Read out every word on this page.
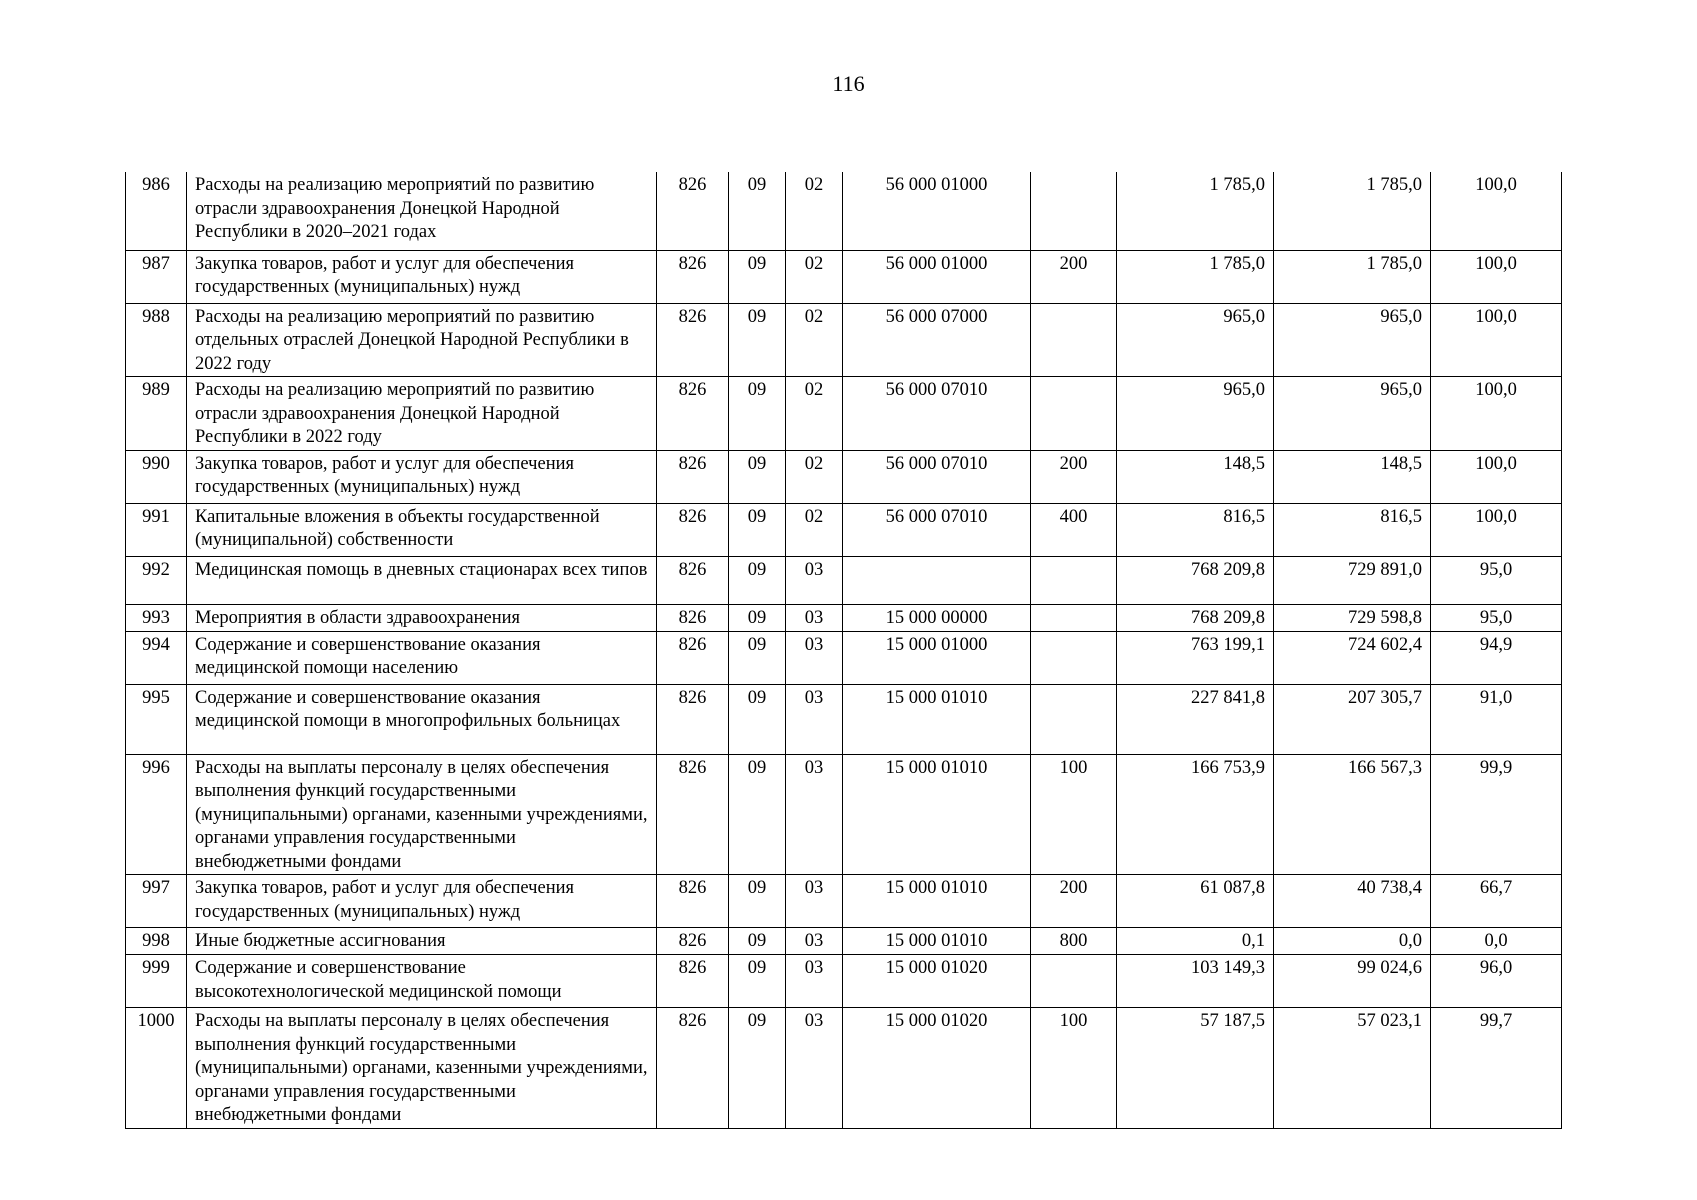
116
986	Расходы на реализацию мероприятий по развитию отрасли здравоохранения Донецкой Народной Республики в 2020–2021 годах	826	09	02	56 000 01000		1 785,0	1 785,0	100,0
987	Закупка товаров, работ и услуг для обеспечения государственных (муниципальных) нужд	826	09	02	56 000 01000	200	1 785,0	1 785,0	100,0
988	Расходы на реализацию мероприятий по развитию отдельных отраслей Донецкой Народной Республики в 2022 году	826	09	02	56 000 07000		965,0	965,0	100,0
989	Расходы на реализацию мероприятий по развитию отрасли здравоохранения Донецкой Народной Республики в 2022 году	826	09	02	56 000 07010		965,0	965,0	100,0
990	Закупка товаров, работ и услуг для обеспечения государственных (муниципальных) нужд	826	09	02	56 000 07010	200	148,5	148,5	100,0
991	Капитальные вложения в объекты государственной (муниципальной) собственности	826	09	02	56 000 07010	400	816,5	816,5	100,0
992	Медицинская помощь в дневных стационарах всех типов	826	09	03			768 209,8	729 891,0	95,0
993	Мероприятия в области здравоохранения	826	09	03	15 000 00000		768 209,8	729 598,8	95,0
994	Содержание и совершенствование оказания медицинской помощи населению	826	09	03	15 000 01000		763 199,1	724 602,4	94,9
995	Содержание и совершенствование оказания медицинской помощи в многопрофильных больницах	826	09	03	15 000 01010		227 841,8	207 305,7	91,0
996	Расходы на выплаты персоналу в целях обеспечения выполнения функций государственными (муниципальными) органами, казенными учреждениями, органами управления государственными внебюджетными фондами	826	09	03	15 000 01010	100	166 753,9	166 567,3	99,9
997	Закупка товаров, работ и услуг для обеспечения государственных (муниципальных) нужд	826	09	03	15 000 01010	200	61 087,8	40 738,4	66,7
998	Иные бюджетные ассигнования	826	09	03	15 000 01010	800	0,1	0,0	0,0
999	Содержание и совершенствование высокотехнологической медицинской помощи	826	09	03	15 000 01020		103 149,3	99 024,6	96,0
1000	Расходы на выплаты персоналу в целях обеспечения выполнения функций государственными (муниципальными) органами, казенными учреждениями, органами управления государственными внебюджетными фондами	826	09	03	15 000 01020	100	57 187,5	57 023,1	99,7
